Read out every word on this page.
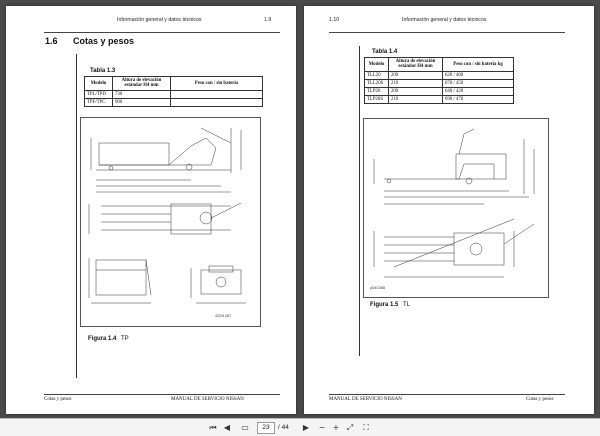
Información general y datos técnicos	1.9
1.6 Cotas y pesos
Tabla 1.3
Modelo	Altura de elevación estándar H4 mm	Peso con / sin batería
TPL/TPD	730	
TPF/TPC	900	
42DH 287
Figura 1.4 TP
Cotas y pesos	MANUAL DE SERVICIO NISSAN
1.10	Información general y datos técnicos
Tabla 1.4
Modelo	Altura de elevación estándar H4 mm	Peso con / sin batería kg
TLL20	200	620 / 400
TLL20S	210	670 / 450
TLP20	200	640 / 420
TLP20S	210	690 / 470
yD4C088
Figura 1.5 TL
MANUAL DE SERVICIO NISSAN	Cotas y pesos
⏮ ◀	▭	23	/ 44	▶	− + ⤢	⛶
